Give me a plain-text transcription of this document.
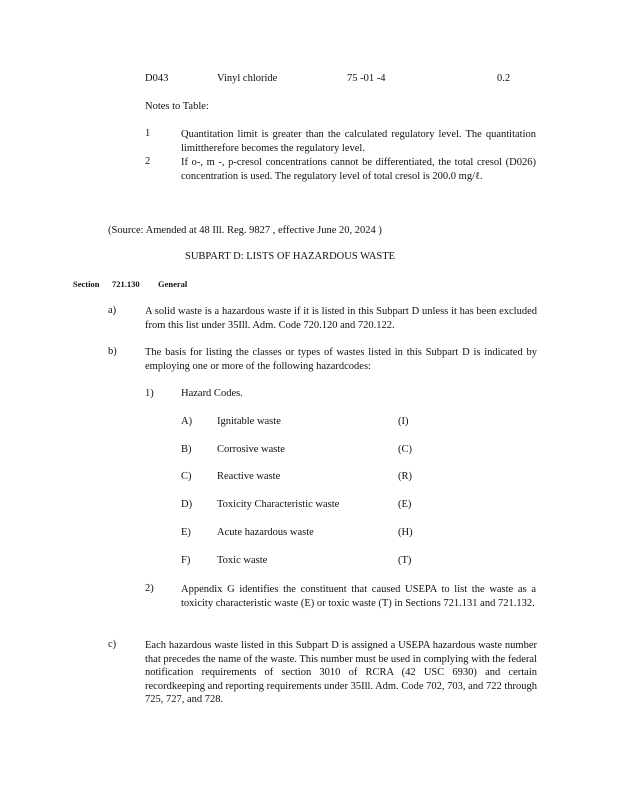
D043	Vinyl chloride	75 -01 -4	0.2
Notes to Table:
1	Quantitation limit is greater than the calculated regulatory level. The quantitation limittherefore becomes the regulatory level.
2	If o-, m -, p-cresol concentrations cannot be differentiated, the total cresol (D026) concentration is used. The regulatory level of total cresol is 200.0 mg/ℓ.
(Source: Amended at 48 Ill. Reg. 9827 , effective June 20, 2024 )
SUBPART D: LISTS OF HAZARDOUS WASTE
Section 721.130 General
a)	A solid waste is a hazardous waste if it is listed in this Subpart D unless it has been excluded from this list under 35Ill. Adm. Code 720.120 and 720.122.
b)	The basis for listing the classes or types of wastes listed in this Subpart D is indicated by employing one or more of the following hazardcodes:
1)	Hazard Codes.
A) Ignitable waste	(I)
B) Corrosive waste	(C)
C) Reactive waste	(R)
D) Toxicity Characteristic waste	(E)
E) Acute hazardous waste	(H)
F)	Toxic waste	(T)
2)	Appendix G identifies the constituent that caused USEPA to list the waste as a toxicity characteristic waste (E) or toxic waste (T) in Sections 721.131 and 721.132.
c)	Each hazardous waste listed in this Subpart D is assigned a USEPA hazardous waste number that precedes the name of the waste. This number must be used in complying with the federal notification requirements of section 3010 of RCRA (42 USC 6930) and certain recordkeeping and reporting requirements under 35Ill. Adm. Code 702, 703, and 722 through 725, 727, and 728.
